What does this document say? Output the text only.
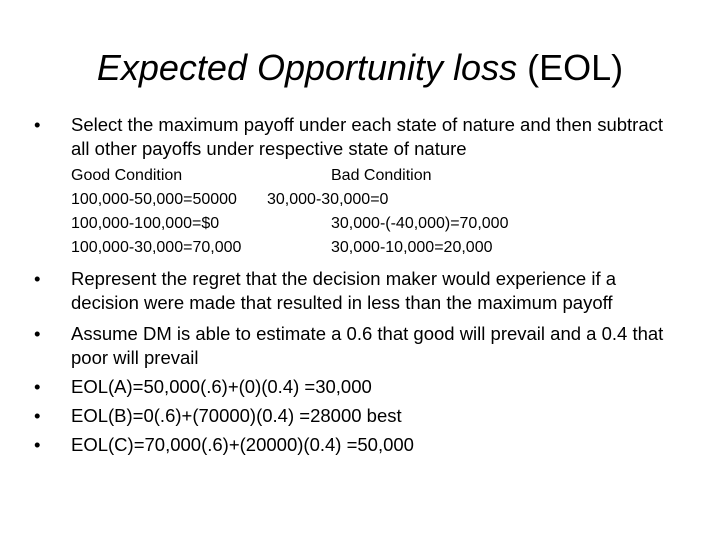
Expected Opportunity loss (EOL)
•	Select the maximum payoff under each state of nature and then subtract all other payoffs under respective state of nature
Good Condition	Bad Condition
100,000-50,000=50000 30,000-30,000=0
100,000-100,000=$0	30,000-(-40,000)=70,000
100,000-30,000=70,000	30,000-10,000=20,000
•	Represent the regret that the decision maker would experience if a decision were made that resulted in less than the maximum payoff
•	Assume DM is able to estimate a 0.6 that good will prevail and a 0.4 that poor will prevail
•	EOL(A)=50,000(.6)+(0)(0.4) =30,000
•	EOL(B)=0(.6)+(70000)(0.4) =28000 best
•	EOL(C)=70,000(.6)+(20000)(0.4) =50,000
